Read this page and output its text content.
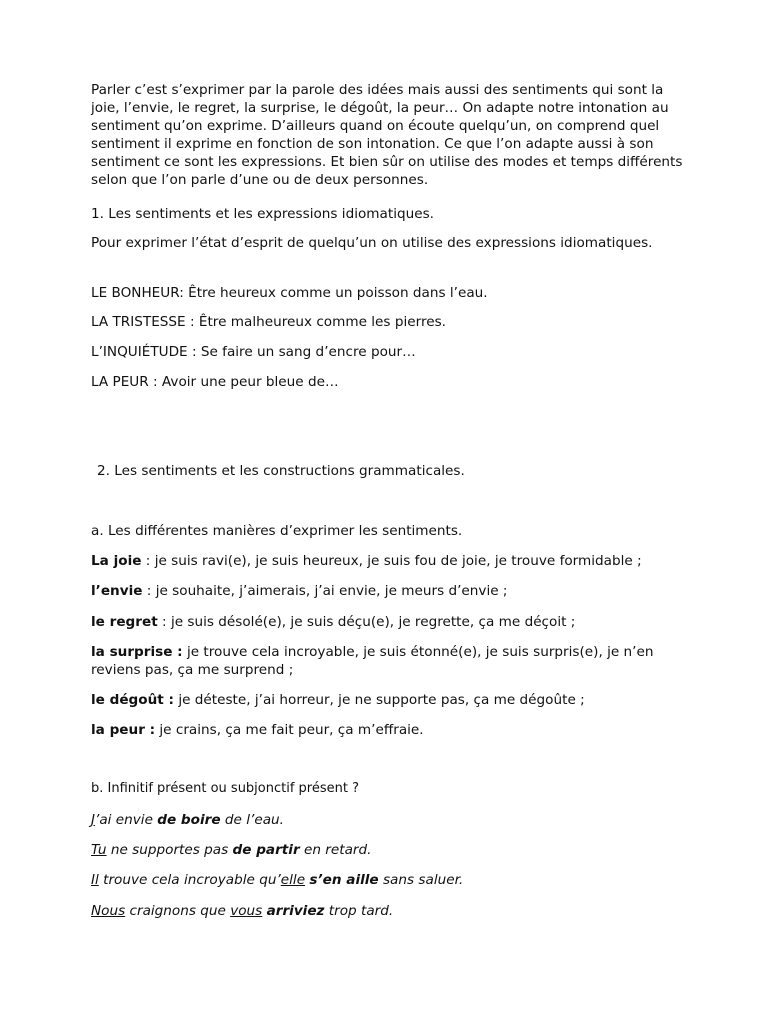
Parler c’est s’exprimer par la parole des idées mais aussi des sentiments qui sont la joie, l’envie, le regret, la surprise, le dégoût, la peur… On adapte notre intonation au sentiment qu’on exprime. D’ailleurs quand on écoute quelqu’un, on comprend quel sentiment il exprime en fonction de son intonation. Ce que l’on adapte aussi à son sentiment ce sont les expressions. Et bien sûr on utilise des modes et temps différents selon que l’on parle d’une ou de deux personnes.

1. Les sentiments et les expressions idiomatiques.

Pour exprimer l’état d’esprit de quelqu’un on utilise des expressions idiomatiques.

LE BONHEUR: Être heureux comme un poisson dans l’eau.

LA TRISTESSE : Être malheureux comme les pierres.

L’INQUIÉTUDE : Se faire un sang d’encre pour…

LA PEUR : Avoir une peur bleue de…

2. Les sentiments et les constructions grammaticales.

a. Les différentes manières d’exprimer les sentiments.

La joie : je suis ravi(e), je suis heureux, je suis fou de joie, je trouve formidable ;

l’envie : je souhaite, j’aimerais, j’ai envie, je meurs d’envie ;

le regret : je suis désolé(e), je suis déçu(e), je regrette, ça me déçoit ;

la surprise : je trouve cela incroyable, je suis étonné(e), je suis surpris(e), je n’en reviens pas, ça me surprend ;

le dégoût : je déteste, j’ai horreur, je ne supporte pas, ça me dégoûte ;

la peur : je crains, ça me fait peur, ça m’effraie.

b. Infinitif présent ou subjonctif présent ?

J’ai envie de boire de l’eau.

Tu ne supportes pas de partir en retard.

Il trouve cela incroyable qu’elle s’en aille sans saluer.

Nous craignons que vous arriviez trop tard.
